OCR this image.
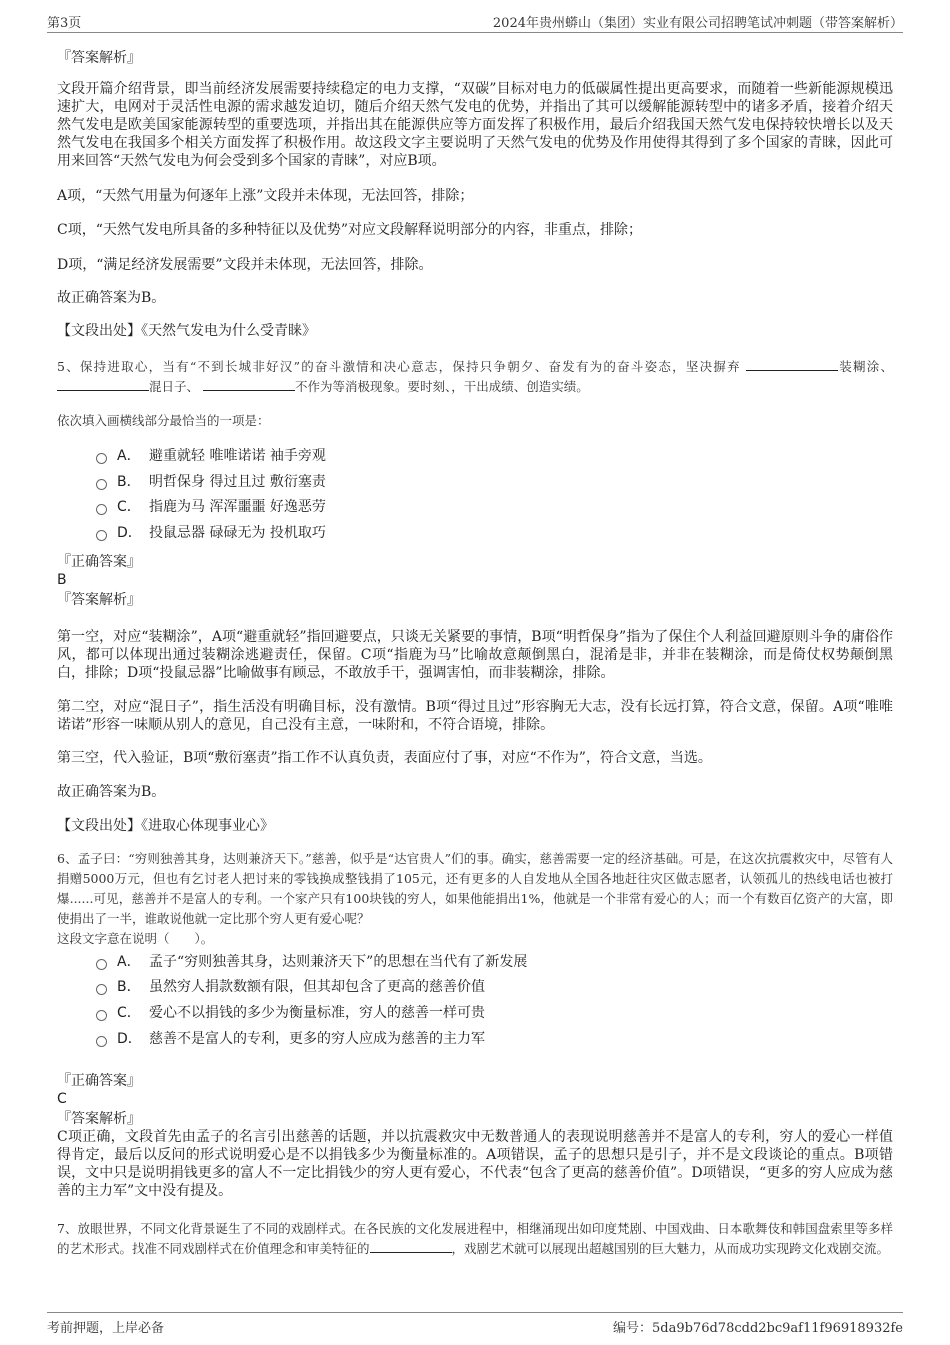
第3页	2024年贵州蟒山（集团）实业有限公司招聘笔试冲刺题（带答案解析）

『答案解析』

文段开篇介绍背景，即当前经济发展需要持续稳定的电力支撑，“双碳”目标对电力的低碳属性提出更高要求，而随着一些新能源规模迅速扩大，电网对于灵活性电源的需求越发迫切，随后介绍天然气发电的优势，并指出了其可以缓解能源转型中的诸多矛盾，接着介绍天然气发电是欧美国家能源转型的重要选项，并指出其在能源供应等方面发挥了积极作用，最后介绍我国天然气发电保持较快增长以及天然气发电在我国多个相关方面发挥了积极作用。故这段文字主要说明了天然气发电的优势及作用使得其得到了多个国家的青睐，因此可用来回答“天然气发电为何会受到多个国家的青睐”，对应B项。

A项，“天然气用量为何逐年上涨”文段并未体现，无法回答，排除；

C项，“天然气发电所具备的多种特征以及优势”对应文段解释说明部分的内容，非重点，排除；

D项，“满足经济发展需要”文段并未体现，无法回答，排除。

故正确答案为B。

【文段出处】《天然气发电为什么受青睐》

5、保持进取心，当有“不到长城非好汉”的奋斗激情和决心意志，保持只争朝夕、奋发有为的奋斗姿态，坚决摒弃	装糊涂、 混日子、	不作为等消极现象。要时刻、，干出成绩、创造实绩。

依次填入画横线部分最恰当的一项是：

A． 避重就轻 唯唯诺诺 袖手旁观
B． 明哲保身 得过且过 敷衍塞责
C． 指鹿为马 浑浑噩噩 好逸恶劳
D． 投鼠忌器 碌碌无为 投机取巧

『正确答案』

B

『答案解析』

第一空，对应“装糊涂”，A项“避重就轻”指回避要点，只谈无关紧要的事情，B项“明哲保身”指为了保住个人利益回避原则斗争的庸俗作风，都可以体现出通过装糊涂逃避责任，保留。C项“指鹿为马”比喻故意颠倒黑白，混淆是非，并非在装糊涂，而是倚仗权势颠倒黑白，排除；D项“投鼠忌器”比喻做事有顾忌，不敢放手干，强调害怕，而非装糊涂，排除。

第二空，对应“混日子”，指生活没有明确目标，没有激情。B项“得过且过”形容胸无大志，没有长远打算，符合文意，保留。A项“唯唯诺诺”形容一味顺从别人的意见，自己没有主意，一味附和，不符合语境，排除。

第三空，代入验证，B项“敷衍塞责”指工作不认真负责，表面应付了事，对应“不作为”，符合文意，当选。

故正确答案为B。

【文段出处】《进取心体现事业心》

6、孟子曰：“穷则独善其身，达则兼济天下。”慈善，似乎是“达官贵人”们的事。确实，慈善需要一定的经济基础。可是，在这次抗震救灾中，尽管有人捐赠5000万元，但也有乞讨老人把讨来的零钱换成整钱捐了105元，还有更多的人自发地从全国各地赶往灾区做志愿者，认领孤儿的热线电话也被打爆......可见，慈善并不是富人的专利。一个家产只有100块钱的穷人，如果他能捐出1%，他就是一个非常有爱心的人；而一个有数百亿资产的大富，即使捐出了一半，谁敢说他就一定比那个穷人更有爱心呢？

这段文字意在说明（　　）。

A． 孟子“穷则独善其身，达则兼济天下”的思想在当代有了新发展
B． 虽然穷人捐款数额有限，但其却包含了更高的慈善价值
C． 爱心不以捐钱的多少为衡量标准，穷人的慈善一样可贵
D． 慈善不是富人的专利，更多的穷人应成为慈善的主力军

『正确答案』

C

『答案解析』

C项正确，文段首先由孟子的名言引出慈善的话题，并以抗震救灾中无数普通人的表现说明慈善并不是富人的专利，穷人的爱心一样值得肯定，最后以反问的形式说明爱心是不以捐钱多少为衡量标准的。A项错误，孟子的思想只是引子，并不是文段谈论的重点。B项错误，文中只是说明捐钱更多的富人不一定比捐钱少的穷人更有爱心，不代表“包含了更高的慈善价值”。D项错误，“更多的穷人应成为慈善的主力军”文中没有提及。

7、放眼世界，不同文化背景诞生了不同的戏剧样式。在各民族的文化发展进程中，相继涌现出如印度梵剧、中国戏曲、日本歌舞伎和韩国盘索里等多样的艺术形式。找准不同戏剧样式在价值理念和审美特征的	，戏剧艺术就可以展现出超越国别的巨大魅力，从而成功实现跨文化戏剧交流。

考前押题，上岸必备	编号：5da9b76d78cdd2bc9af11f96918932fe
